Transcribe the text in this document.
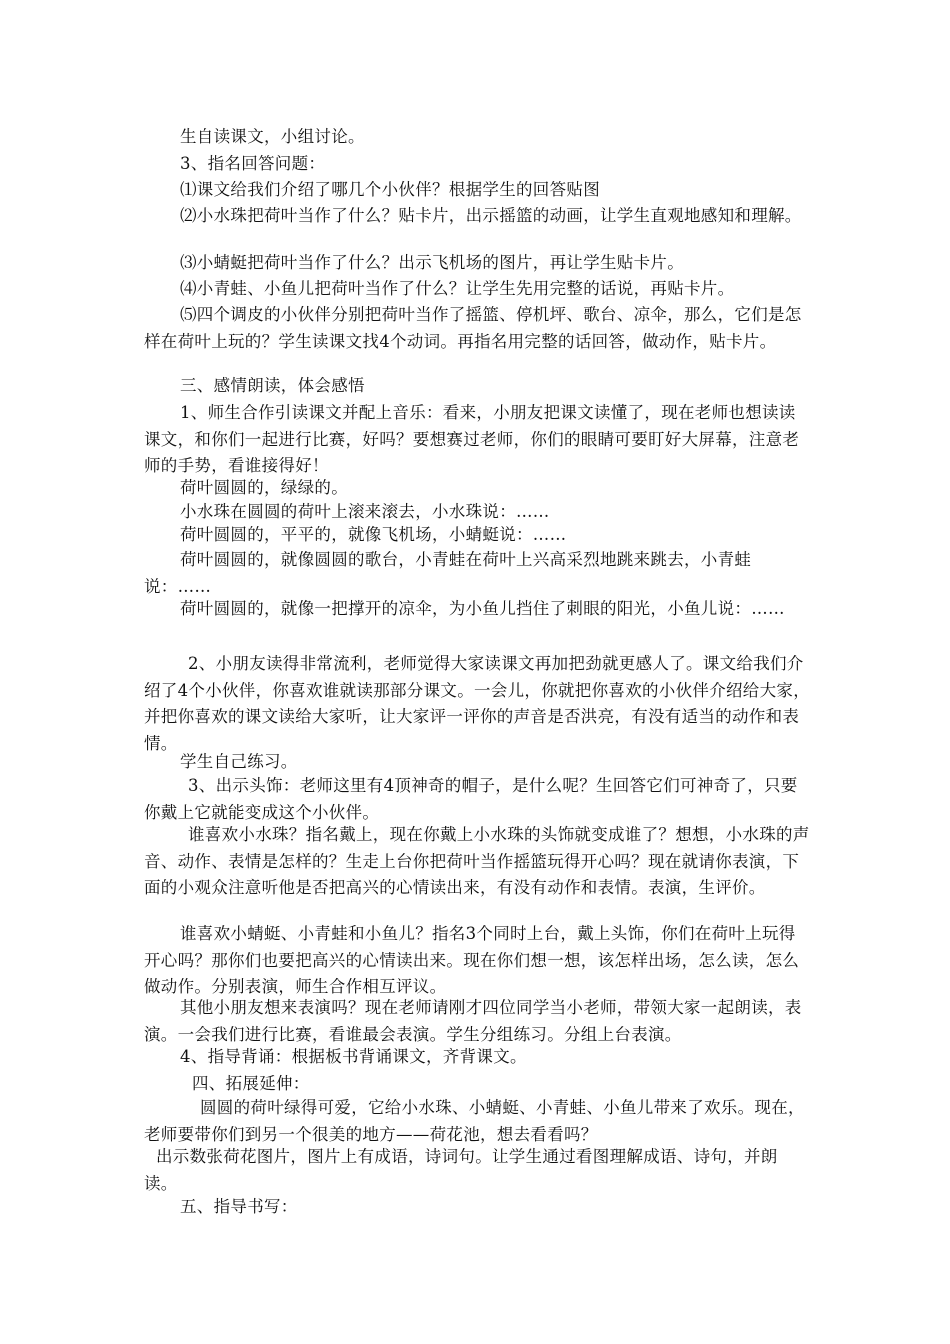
生自读课文，小组讨论。

3、指名回答问题：

⑴课文给我们介绍了哪几个小伙伴？根据学生的回答贴图

⑵小水珠把荷叶当作了什么？贴卡片，出示摇篮的动画，让学生直观地感知和理解。

⑶小蜻蜓把荷叶当作了什么？出示飞机场的图片，再让学生贴卡片。

⑷小青蛙、小鱼儿把荷叶当作了什么？让学生先用完整的话说，再贴卡片。

⑸四个调皮的小伙伴分别把荷叶当作了摇篮、停机坪、歌台、凉伞，那么，它们是怎样在荷叶上玩的？学生读课文找4个动词。再指名用完整的话回答，做动作，贴卡片。

三、感情朗读，体会感悟

1、师生合作引读课文并配上音乐：看来，小朋友把课文读懂了，现在老师也想读读课文，和你们一起进行比赛，好吗？要想赛过老师，你们的眼睛可要盯好大屏幕，注意老师的手势，看谁接得好！

荷叶圆圆的，绿绿的。

小水珠在圆圆的荷叶上滚来滚去，小水珠说：……

荷叶圆圆的，平平的，就像飞机场，小蜻蜓说：……

荷叶圆圆的，就像圆圆的歌台，小青蛙在荷叶上兴高采烈地跳来跳去，小青蛙说：……

荷叶圆圆的，就像一把撑开的凉伞，为小鱼儿挡住了刺眼的阳光，小鱼儿说：……

2、小朋友读得非常流利，老师觉得大家读课文再加把劲就更感人了。课文给我们介绍了4个小伙伴，你喜欢谁就读那部分课文。一会儿，你就把你喜欢的小伙伴介绍给大家，并把你喜欢的课文读给大家听，让大家评一评你的声音是否洪亮，有没有适当的动作和表情。

学生自己练习。

3、出示头饰：老师这里有4顶神奇的帽子，是什么呢？生回答它们可神奇了，只要你戴上它就能变成这个小伙伴。

谁喜欢小水珠？指名戴上，现在你戴上小水珠的头饰就变成谁了？想想，小水珠的声音、动作、表情是怎样的？生走上台你把荷叶当作摇篮玩得开心吗？现在就请你表演，下面的小观众注意听他是否把高兴的心情读出来，有没有动作和表情。表演，生评价。

谁喜欢小蜻蜓、小青蛙和小鱼儿？指名3个同时上台，戴上头饰，你们在荷叶上玩得开心吗？那你们也要把高兴的心情读出来。现在你们想一想，该怎样出场，怎么读，怎么做动作。分别表演，师生合作相互评议。

其他小朋友想来表演吗？现在老师请刚才四位同学当小老师，带领大家一起朗读，表演。一会我们进行比赛，看谁最会表演。学生分组练习。分组上台表演。

4、指导背诵：根据板书背诵课文，齐背课文。

四、拓展延伸：

圆圆的荷叶绿得可爱，它给小水珠、小蜻蜓、小青蛙、小鱼儿带来了欢乐。现在，老师要带你们到另一个很美的地方——荷花池，想去看看吗？

出示数张荷花图片，图片上有成语，诗词句。让学生通过看图理解成语、诗句，并朗读。

五、指导书写：
